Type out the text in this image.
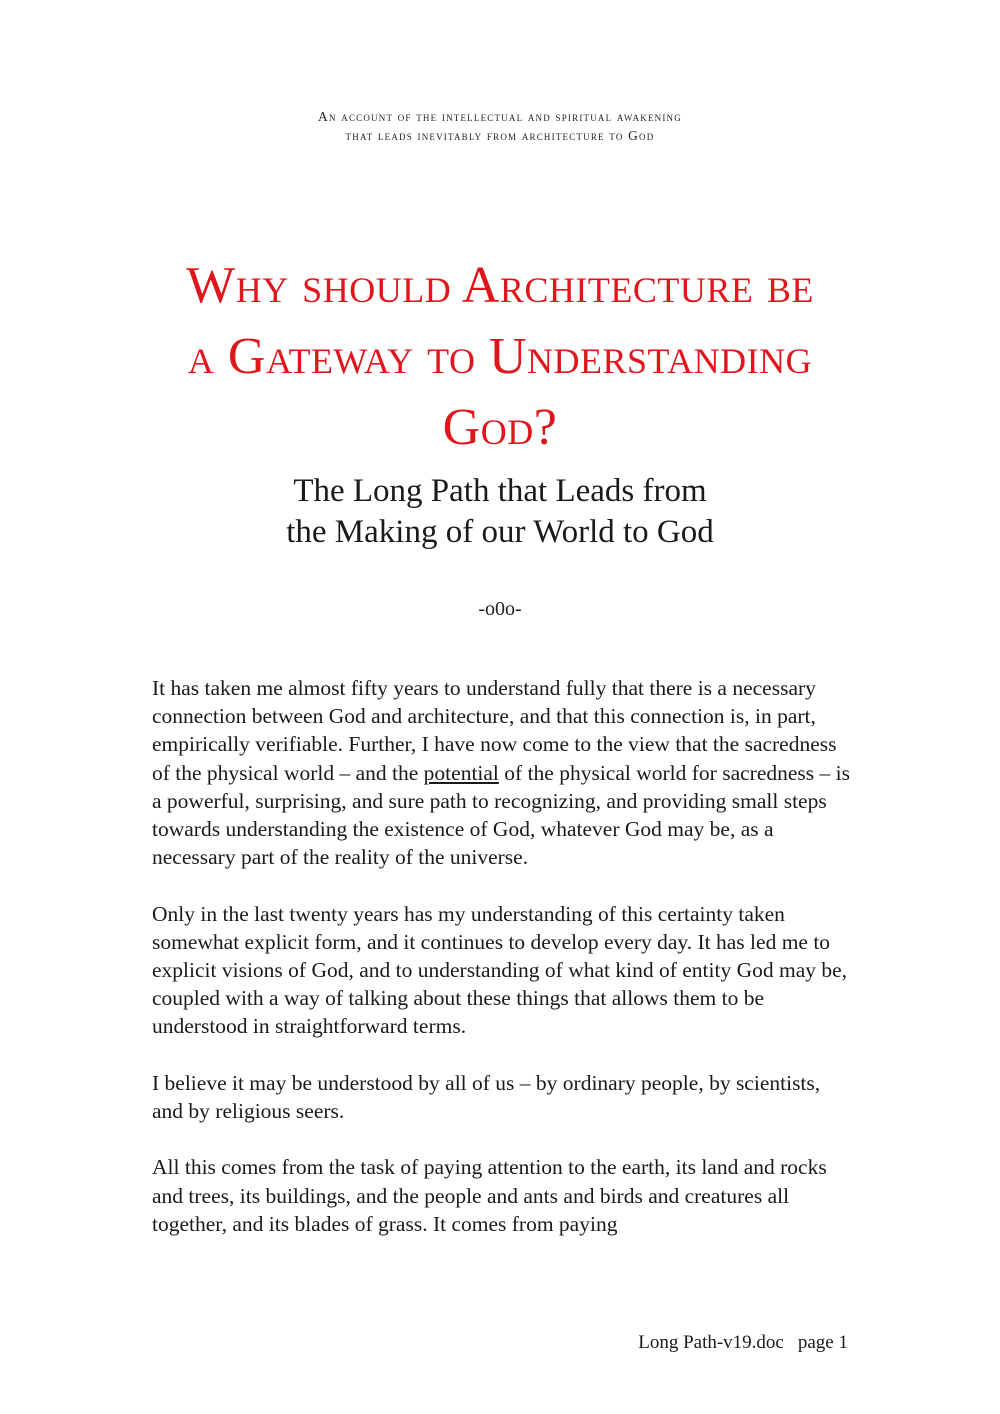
An account of the intellectual and spiritual awakening
that leads inevitably from architecture to God
Why should Architecture be
a Gateway to Understanding
God?
The Long Path that Leads from
the Making of our World to God
-o0o-

It has taken me almost fifty years to understand fully that there is a necessary connection between God and architecture, and that this connection is, in part, empirically verifiable. Further, I have now come to the view that the sacredness of the physical world – and the potential of the physical world for sacredness – is a powerful, surprising, and sure path to recognizing, and providing small steps towards understanding the existence of God, whatever God may be, as a necessary part of the reality of the universe.

Only in the last twenty years has my understanding of this certainty taken somewhat explicit form, and it continues to develop every day. It has led me to explicit visions of God, and to understanding of what kind of entity God may be, coupled with a way of talking about these things that allows them to be understood in straightforward terms.

I believe it may be understood by all of us – by ordinary people, by scientists, and by religious seers.

All this comes from the task of paying attention to the earth, its land and rocks and trees, its buildings, and the people and ants and birds and creatures all together, and its blades of grass. It comes from paying

Long Path-v19.doc page 1
